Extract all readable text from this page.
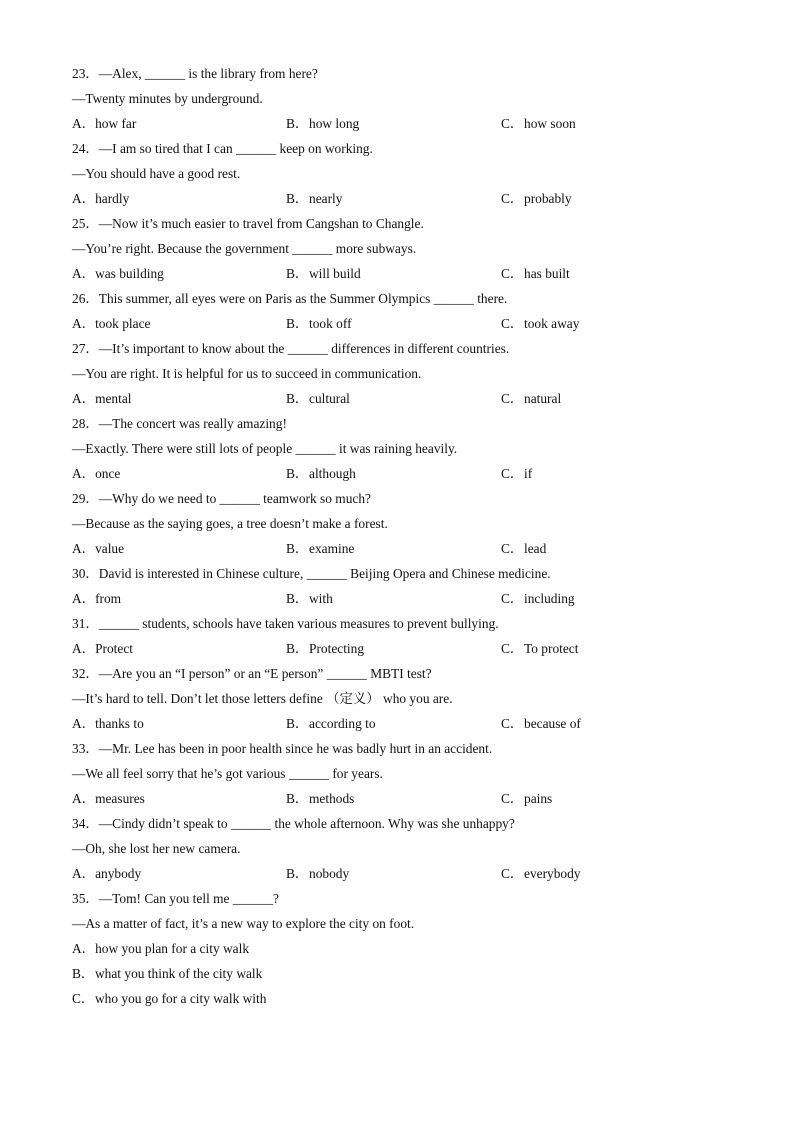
23．—Alex, ______ is the library from here?
—Twenty minutes by underground.
A．how far	B．how long	C．how soon
24．—I am so tired that I can ______ keep on working.
—You should have a good rest.
A．hardly	B．nearly	C．probably
25．—Now it’s much easier to travel from Cangshan to Changle.
—You’re right. Because the government ______ more subways.
A．was building	B．will build	C．has built
26．This summer, all eyes were on Paris as the Summer Olympics ______ there.
A．took place	B．took off	C．took away
27．—It’s important to know about the ______ differences in different countries.
—You are right. It is helpful for us to succeed in communication.
A．mental	B．cultural	C．natural
28．—The concert was really amazing!
—Exactly. There were still lots of people ______ it was raining heavily.
A．once	B．although	C．if
29．—Why do we need to ______ teamwork so much?
—Because as the saying goes, a tree doesn’t make a forest.
A．value	B．examine	C．lead
30．David is interested in Chinese culture, ______ Beijing Opera and Chinese medicine.
A．from	B．with	C．including
31．______ students, schools have taken various measures to prevent bullying.
A．Protect	B．Protecting	C．To protect
32．—Are you an “I person” or an “E person” ______ MBTI test?
—It’s hard to tell. Don’t let those letters define （定义） who you are.
A．thanks to	B．according to	C．because of
33．—Mr. Lee has been in poor health since he was badly hurt in an accident.
—We all feel sorry that he’s got various ______ for years.
A．measures	B．methods	C．pains
34．—Cindy didn’t speak to ______ the whole afternoon. Why was she unhappy?
—Oh, she lost her new camera.
A．anybody	B．nobody	C．everybody
35．—Tom! Can you tell me ______?
—As a matter of fact, it’s a new way to explore the city on foot.
A．how you plan for a city walk
B．what you think of the city walk
C．who you go for a city walk with
